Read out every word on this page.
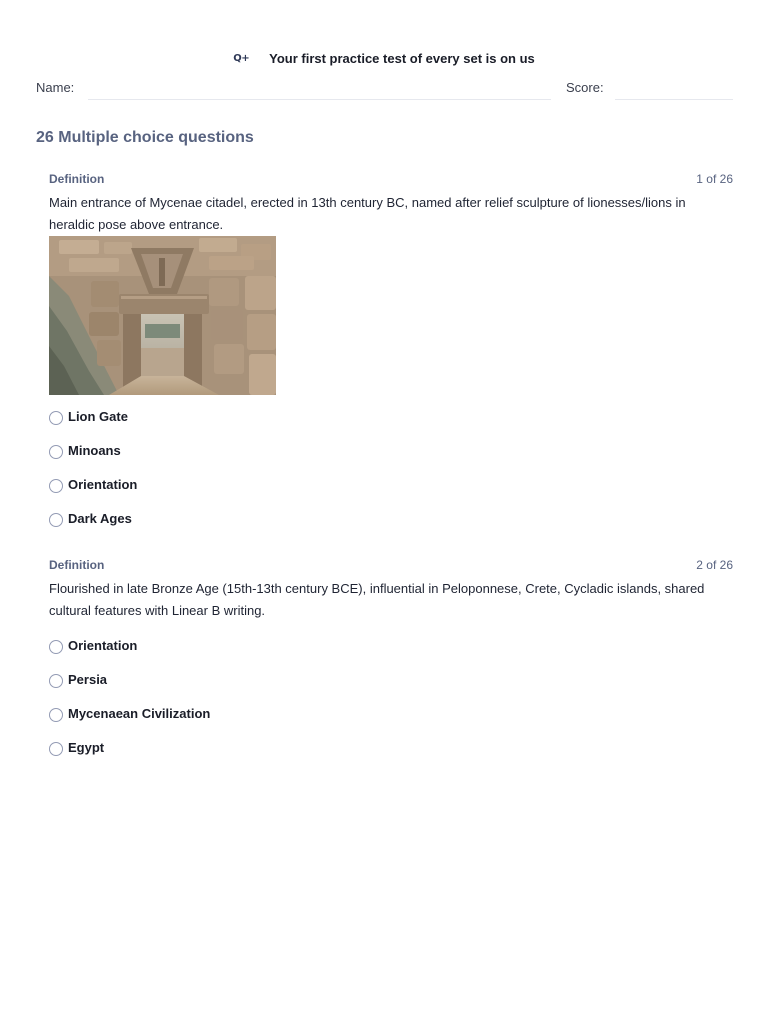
Q+ Your first practice test of every set is on us
Name:	Score:
26 Multiple choice questions
Definition	1 of 26

Main entrance of Mycenae citadel, erected in 13th century BC, named after relief sculpture of lionesses/lions in heraldic pose above entrance.

Lion Gate
Minoans
Orientation
Dark Ages
Definition	2 of 26

Flourished in late Bronze Age (15th-13th century BCE), influential in Peloponnese, Crete, Cycladic islands, shared cultural features with Linear B writing.

Orientation
Persia
Mycenaean Civilization
Egypt
